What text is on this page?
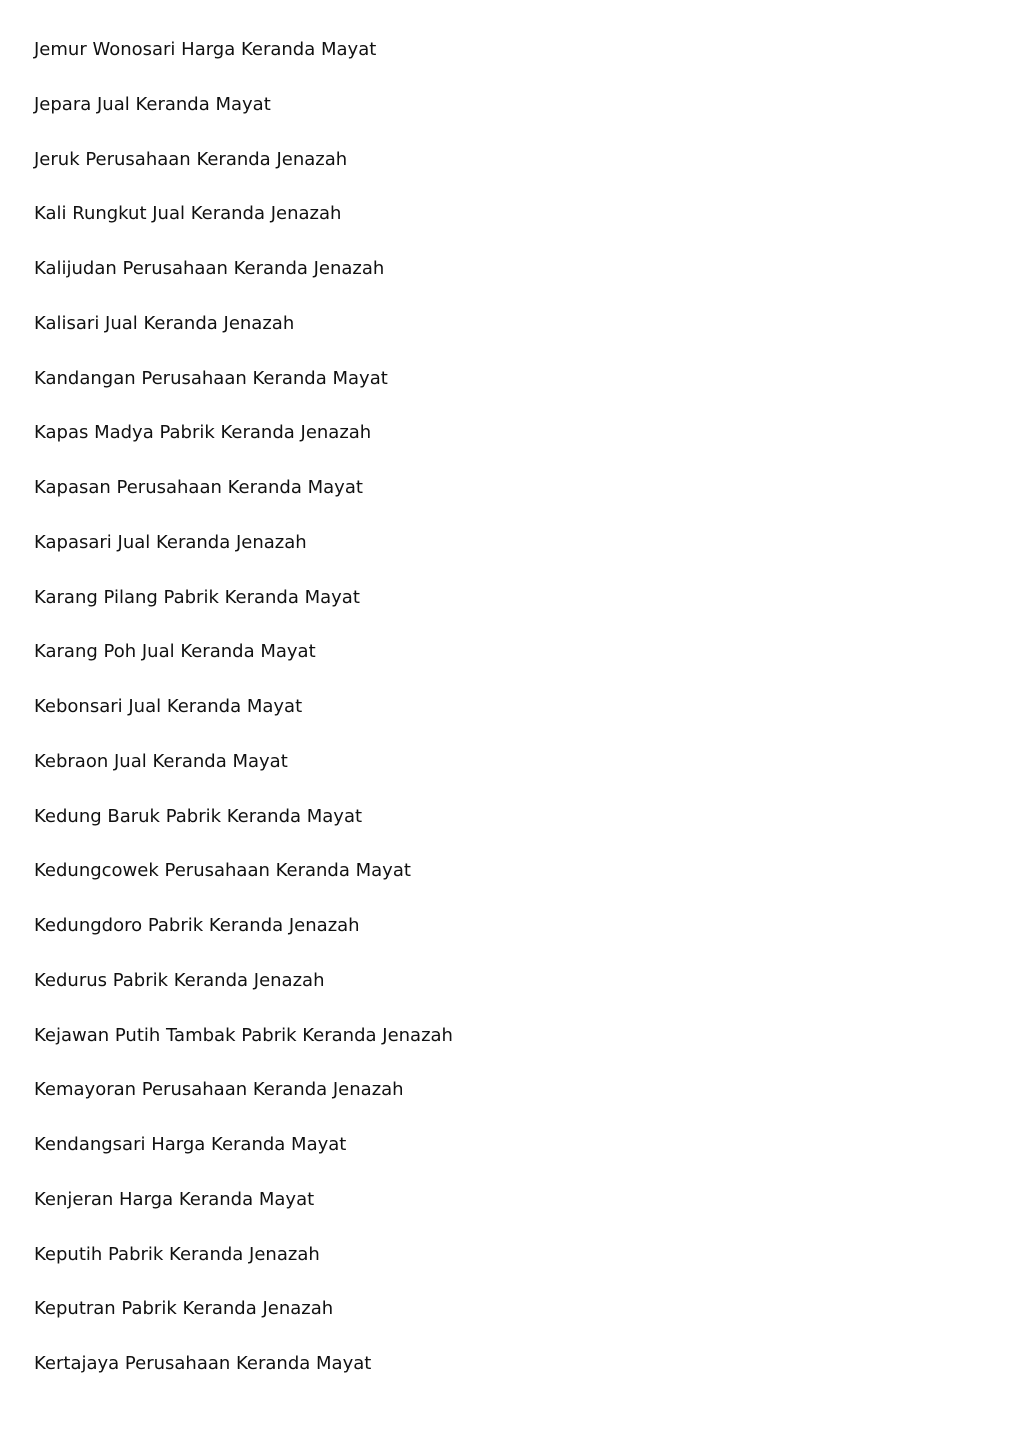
Jemur Wonosari Harga Keranda Mayat
Jepara Jual Keranda Mayat
Jeruk Perusahaan Keranda Jenazah
Kali Rungkut Jual Keranda Jenazah
Kalijudan Perusahaan Keranda Jenazah
Kalisari Jual Keranda Jenazah
Kandangan Perusahaan Keranda Mayat
Kapas Madya Pabrik Keranda Jenazah
Kapasan Perusahaan Keranda Mayat
Kapasari Jual Keranda Jenazah
Karang Pilang Pabrik Keranda Mayat
Karang Poh Jual Keranda Mayat
Kebonsari Jual Keranda Mayat
Kebraon Jual Keranda Mayat
Kedung Baruk Pabrik Keranda Mayat
Kedungcowek Perusahaan Keranda Mayat
Kedungdoro Pabrik Keranda Jenazah
Kedurus Pabrik Keranda Jenazah
Kejawan Putih Tambak Pabrik Keranda Jenazah
Kemayoran Perusahaan Keranda Jenazah
Kendangsari Harga Keranda Mayat
Kenjeran Harga Keranda Mayat
Keputih Pabrik Keranda Jenazah
Keputran Pabrik Keranda Jenazah
Kertajaya Perusahaan Keranda Mayat
